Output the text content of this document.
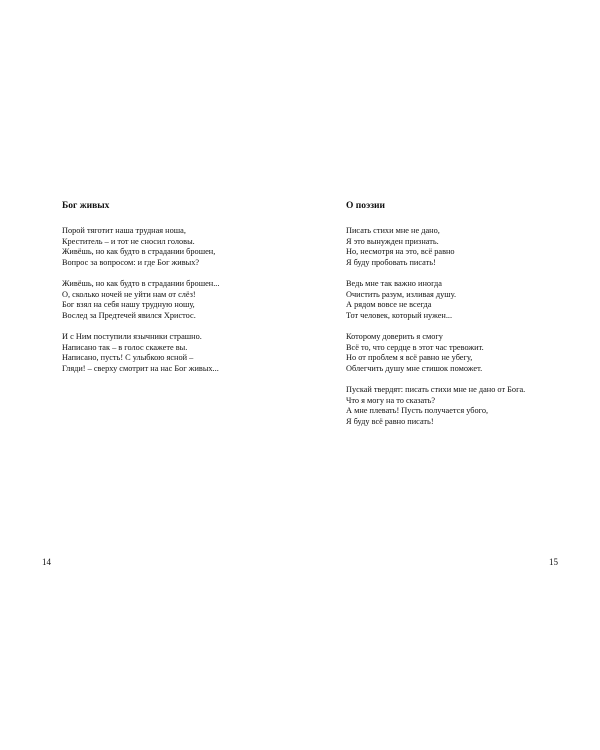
Бог живых
Порой тяготит наша трудная ноша,
Креститель – и тот не сносил головы.
Живёшь, но как будто в страдании брошен,
Вопрос за вопросом: и где Бог живых?
Живёшь, но как будто в страдании брошен...
О, сколько ночей не уйти нам от слёз!
Бог взял на себя нашу трудную ношу,
Вослед за Предтечей явился Христос.
И с Ним поступили язычники страшно.
Написано так – в голос скажете вы.
Написано, пусть! С улыбкою ясной –
Гляди! – сверху смотрит на нас Бог живых...
14
О поэзии
Писать стихи мне не дано,
Я это вынужден признать.
Но, несмотря на это, всё равно
Я буду пробовать писать!
Ведь мне так важно иногда
Очистить разум, изливая душу.
А рядом вовсе не всегда
Тот человек, который нужен...
Которому доверить я смогу
Всё то, что сердце в этот час тревожит.
Но от проблем я всё равно не убегу,
Облегчить душу мне стишок поможет.
Пускай твердят: писать стихи мне не дано от Бога.
Что я могу на то сказать?
А мне плевать! Пусть получается убого,
Я буду всё равно писать!
15
